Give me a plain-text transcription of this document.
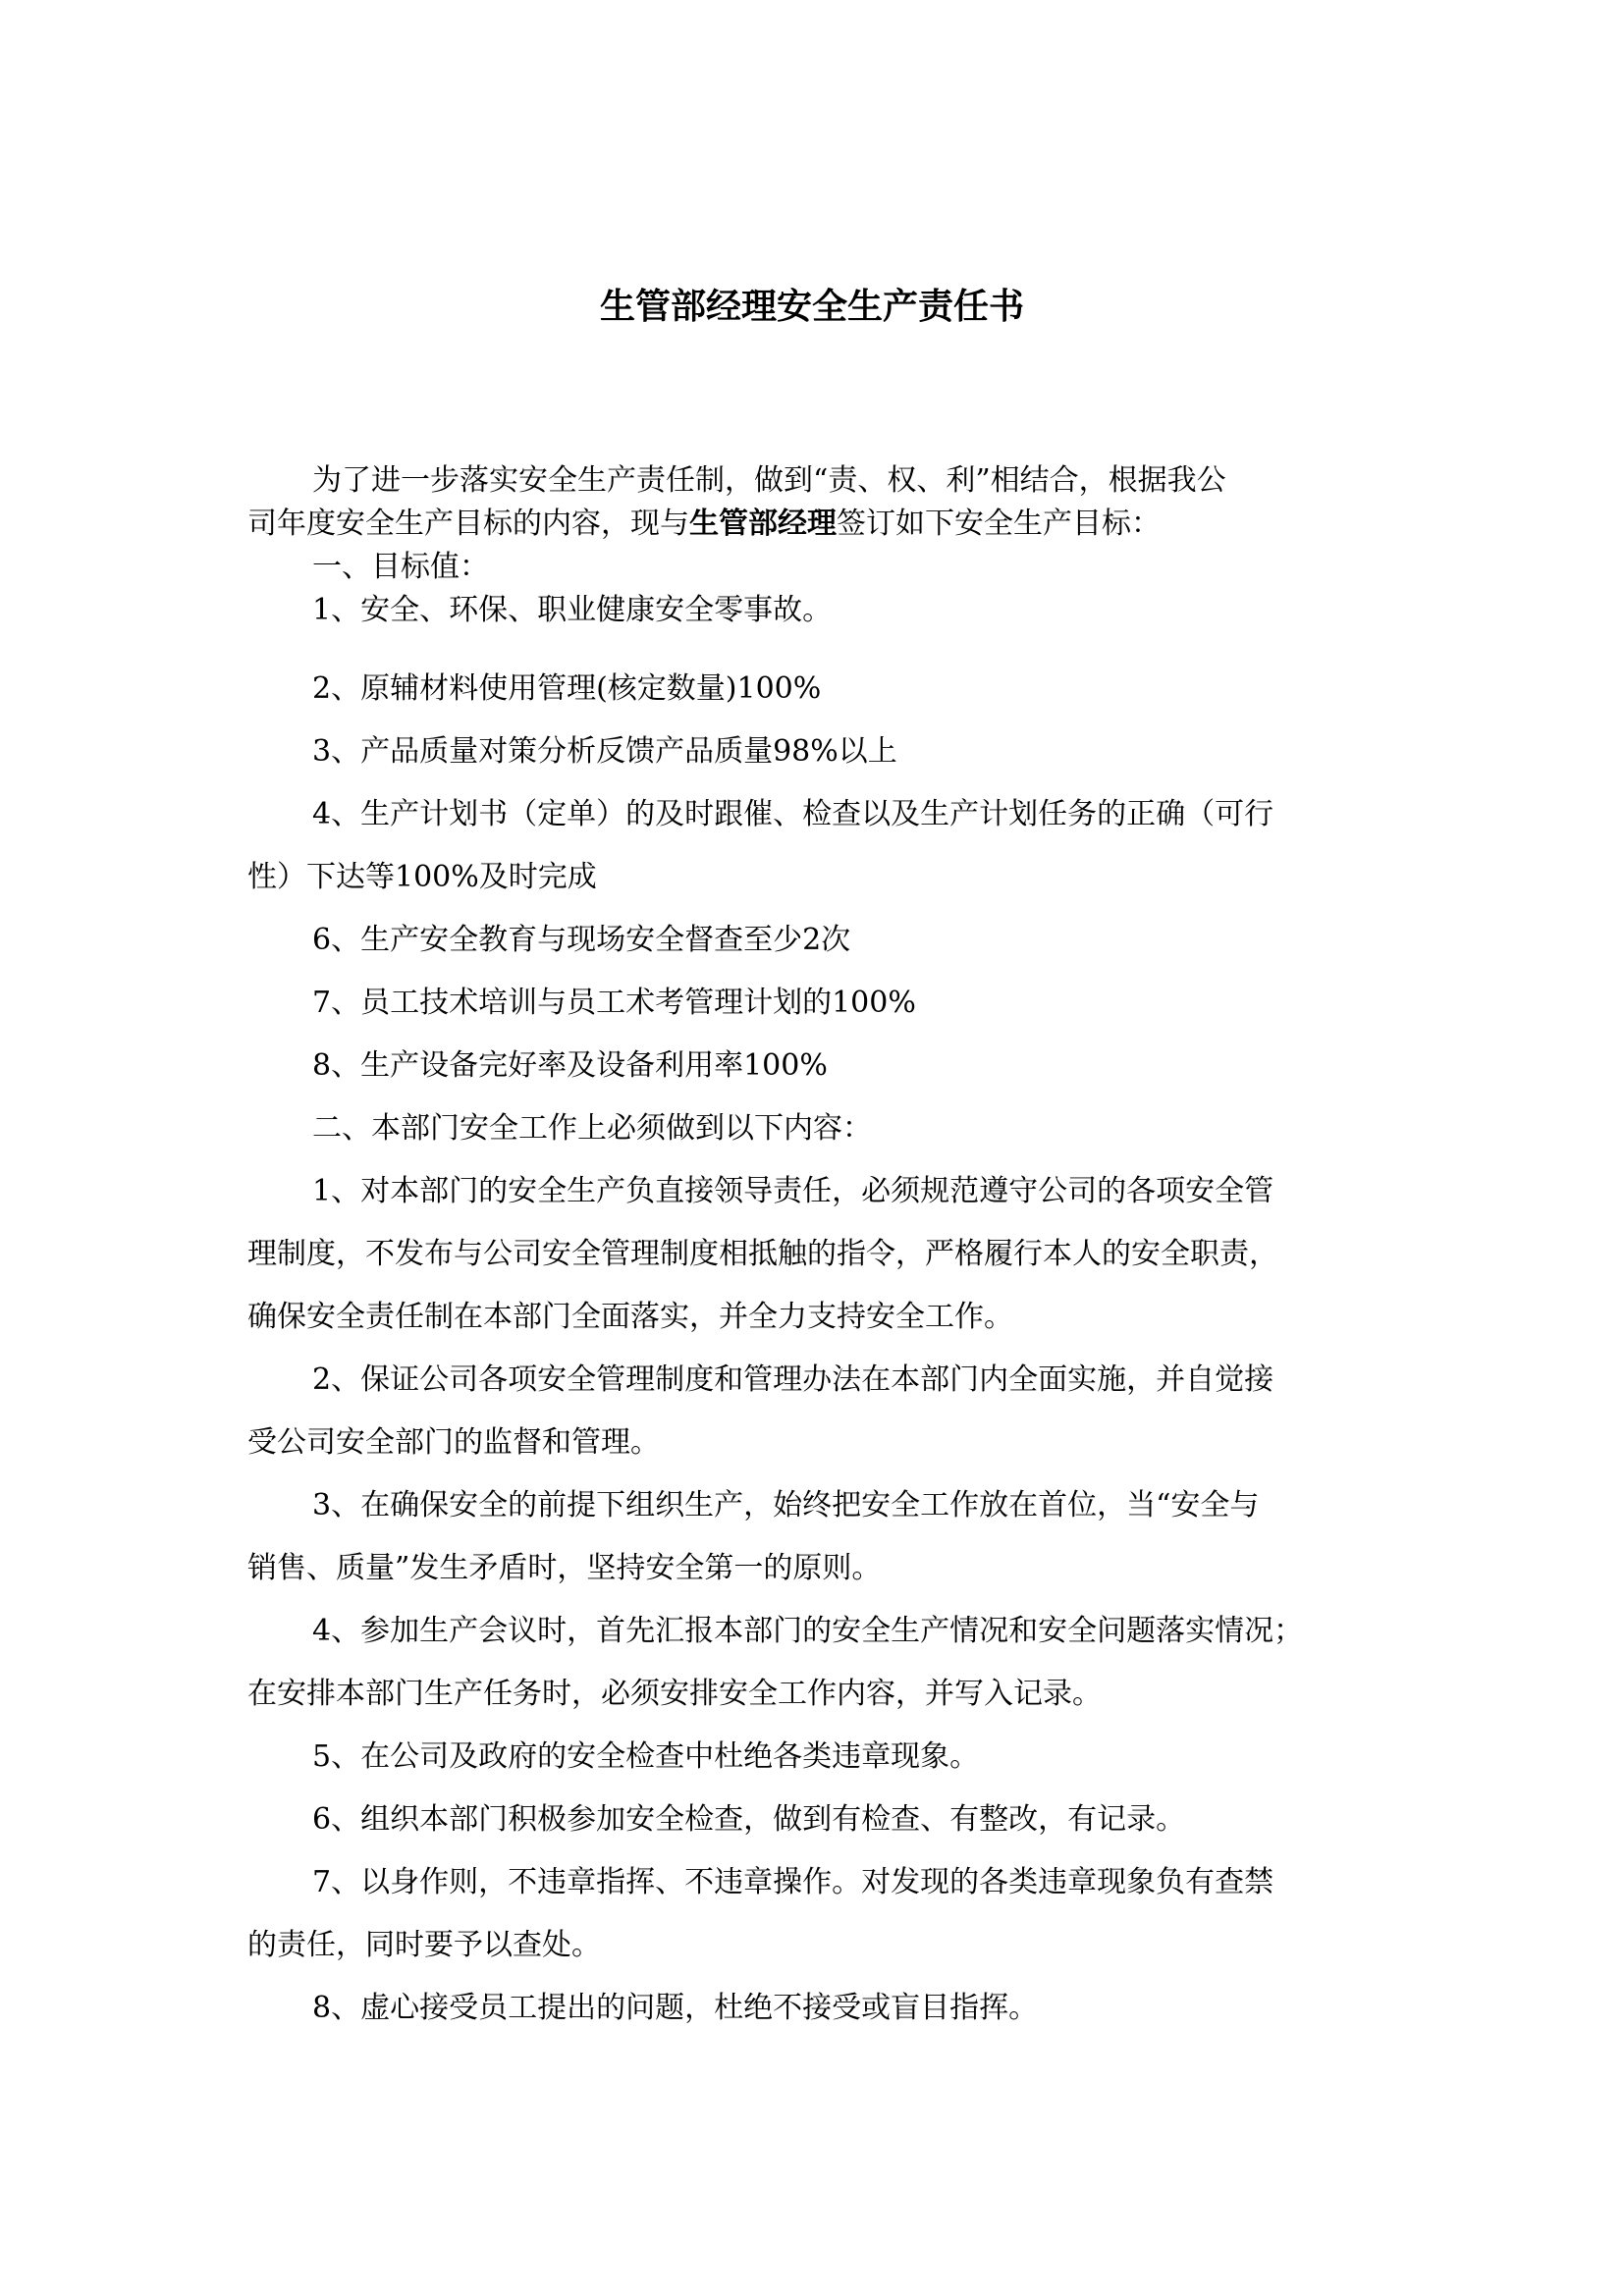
生管部经理安全生产责任书
为了进一步落实安全生产责任制，做到“责、权、利”相结合，根据我公
司年度安全生产目标的内容，现与生管部经理签订如下安全生产目标：
一、目标值：
1、安全、环保、职业健康安全零事故。
2、原辅材料使用管理(核定数量)100%
3、产品质量对策分析反馈产品质量98%以上
4、生产计划书（定单）的及时跟催、检查以及生产计划任务的正确（可行
性）下达等100%及时完成
6、生产安全教育与现场安全督查至少2次
7、员工技术培训与员工术考管理计划的100%
8、生产设备完好率及设备利用率100%
二、本部门安全工作上必须做到以下内容：
1、对本部门的安全生产负直接领导责任，必须规范遵守公司的各项安全管
理制度，不发布与公司安全管理制度相抵触的指令，严格履行本人的安全职责，
确保安全责任制在本部门全面落实，并全力支持安全工作。
2、保证公司各项安全管理制度和管理办法在本部门内全面实施，并自觉接
受公司安全部门的监督和管理。
3、在确保安全的前提下组织生产，始终把安全工作放在首位，当“安全与
销售、质量”发生矛盾时，坚持安全第一的原则。
4、参加生产会议时，首先汇报本部门的安全生产情况和安全问题落实情况；
在安排本部门生产任务时，必须安排安全工作内容，并写入记录。
5、在公司及政府的安全检查中杜绝各类违章现象。
6、组织本部门积极参加安全检查，做到有检查、有整改，有记录。
7、以身作则，不违章指挥、不违章操作。对发现的各类违章现象负有查禁
的责任，同时要予以查处。
8、虚心接受员工提出的问题，杜绝不接受或盲目指挥。
